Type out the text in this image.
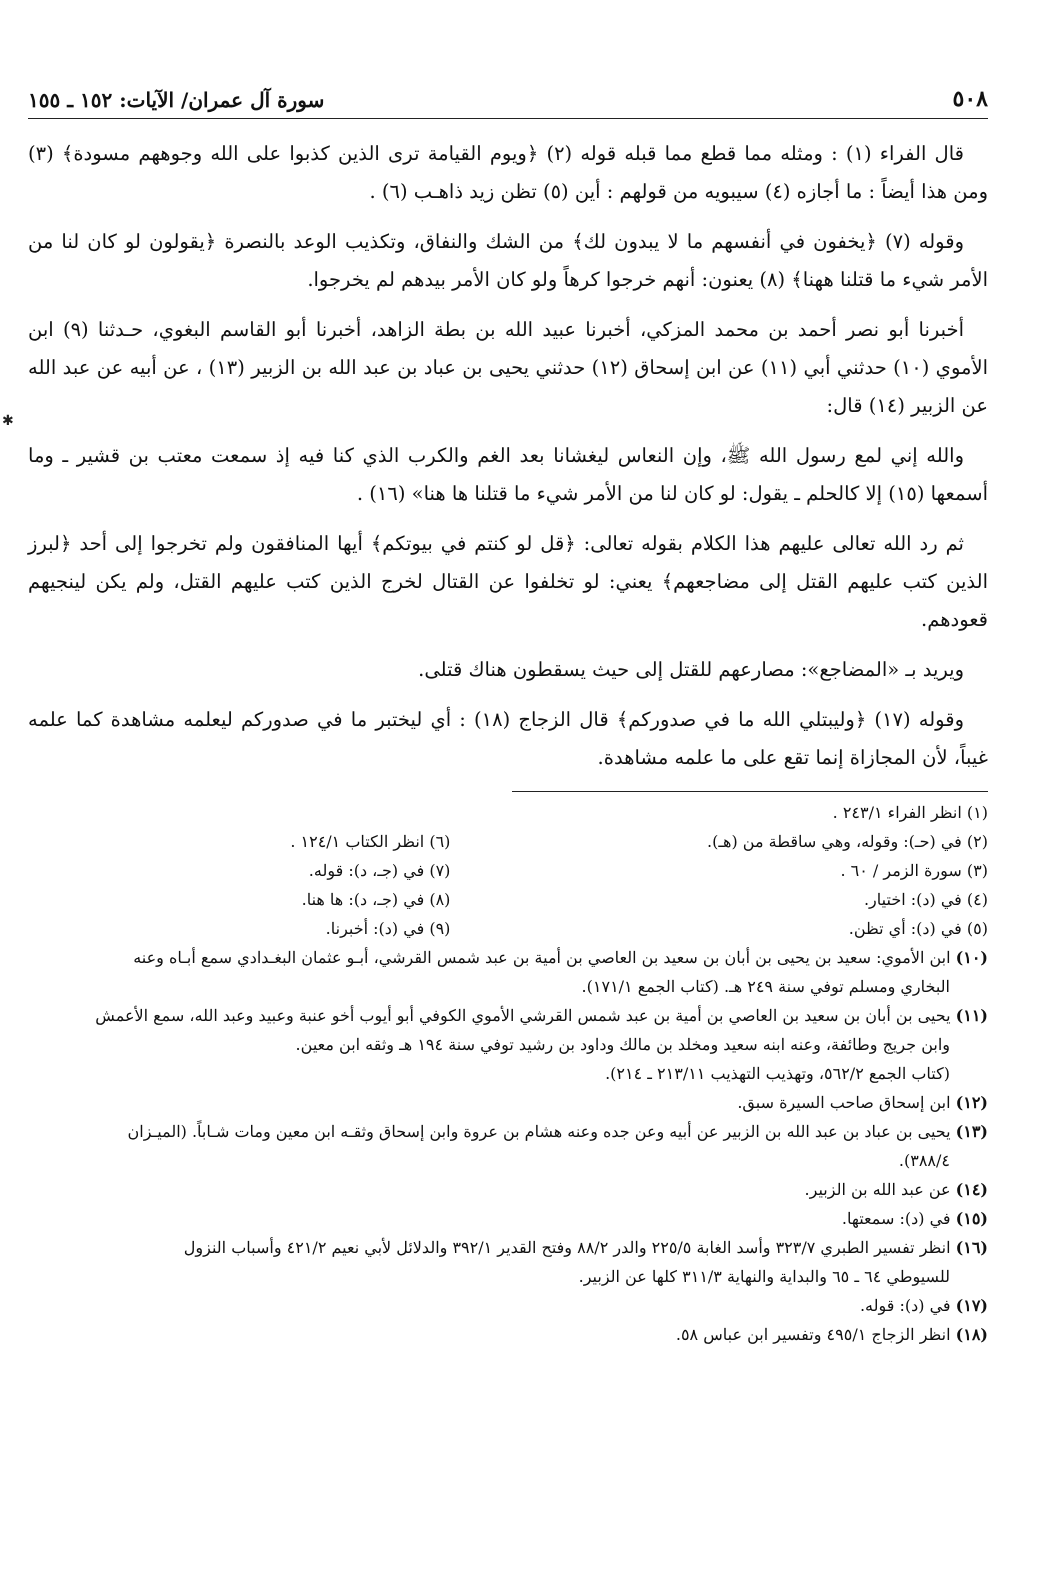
٥٠٨
سورة آل عمران/ الآيات: ١٥٢ ـ ١٥٥

قال الفراء (١) : ومثله مما قطع مما قبله قوله (٢) ﴿ويوم القيامة ترى الذين كذبوا على الله وجوههم مسودة﴾ (٣) ومن هذا أيضاً : ما أجازه (٤) سيبويه من قولهم : أين (٥) تظن زيد ذاهـب (٦) .

وقوله (٧) ﴿يخفون في أنفسهم ما لا يبدون لك﴾ من الشك والنفاق، وتكذيب الوعد بالنصرة ﴿يقولون لو كان لنا من الأمر شيء ما قتلنا ههنا﴾ (٨) يعنون: أنهم خرجوا كرهاً ولو كان الأمر بيدهم لم يخرجوا.

أخبرنا أبو نصر أحمد بن محمد المزكي، أخبرنا عبيد الله بن بطة الزاهد، أخبرنا أبو القاسم البغوي، حـدثنا (٩) ابن الأموي (١٠) حدثني أبي (١١) عن ابن إسحاق (١٢) حدثني يحيى بن عباد بن عبد الله بن الزبير (١٣) ، عن أبيه عن عبد الله عن الزبير (١٤) قال:

والله إني لمع رسول الله ﷺ، وإن النعاس ليغشانا بعد الغم والكرب الذي كنا فيه إذ سمعت معتب بن قشير ـ وما أسمعها (١٥) إلا كالحلم ـ يقول: لو كان لنا من الأمر شيء ما قتلنا ها هنا» (١٦) .

ثم رد الله تعالى عليهم هذا الكلام بقوله تعالى: ﴿قل لو كنتم في بيوتكم﴾ أيها المنافقون ولم تخرجوا إلى أحد ﴿لبرز الذين كتب عليهم القتل إلى مضاجعهم﴾ يعني: لو تخلفوا عن القتال لخرج الذين كتب عليهم القتل، ولم يكن لينجيهم قعودهم.

ويريد بـ «المضاجع»: مصارعهم للقتل إلى حيث يسقطون هناك قتلى.

وقوله (١٧) ﴿وليبتلي الله ما في صدوركم﴾ قال الزجاج (١٨) : أي ليختبر ما في صدوركم ليعلمه مشاهدة كما علمه غيباً، لأن المجازاة إنما تقع على ما علمه مشاهدة.

(١) انظر الفراء ٢٤٣/١ .
(٢) في (حـ): وقوله، وهي ساقطة من (هـ).
(٦) انظر الكتاب ١٢٤/١ .
(٣) سورة الزمر / ٦٠ .
(٧) في (جـ، د): قوله.
(٤) في (د): اختيار.
(٨) في (جـ، د): ها هنا.
(٥) في (د): أي تظن.
(٩) في (د): أخبرنا.
(١٠) ابن الأموي: سعيد بن يحيى بن أبان بن سعيد بن العاصي بن أمية بن عبد شمس القرشي، أبـو عثمان البغـدادي سمع أبـاه وعنه
البخاري ومسلم توفي سنة ٢٤٩ هـ. (كتاب الجمع ١٧١/١).
(١١) يحيى بن أبان بن سعيد بن العاصي بن أمية بن عبد شمس القرشي الأموي الكوفي أبو أيوب أخو عنبة وعبيد وعبد الله، سمع الأعمش
وابن جريج وطائفة، وعنه ابنه سعيد ومخلد بن مالك وداود بن رشيد توفي سنة ١٩٤ هـ وثقه ابن معين.
(كتاب الجمع ٥٦٢/٢، وتهذيب التهذيب ٢١٣/١١ ـ ٢١٤).
(١٢) ابن إسحاق صاحب السيرة سبق.
(١٣) يحيى بن عباد بن عبد الله بن الزبير عن أبيه وعن جده وعنه هشام بن عروة وابن إسحاق وثقـه ابن معين ومات شـاباً. (الميـزان
٣٨٨/٤).
(١٤) عن عبد الله بن الزبير.
(١٥) في (د): سمعتها.
(١٦) انظر تفسير الطبري ٣٢٣/٧ وأسد الغابة ٢٢٥/٥ والدر ٨٨/٢ وفتح القدير ٣٩٢/١ والدلائل لأبي نعيم ٤٢١/٢ وأسباب النزول
للسيوطي ٦٤ ـ ٦٥ والبداية والنهاية ٣١١/٣ كلها عن الزبير.
(١٧) في (د): قوله.
(١٨) انظر الزجاج ٤٩٥/١ وتفسير ابن عباس ٥٨.
✱
